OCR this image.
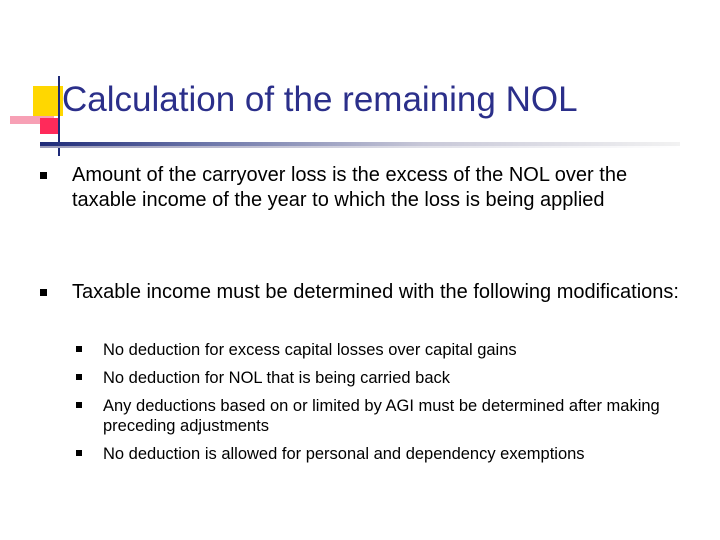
Calculation of the remaining NOL
Amount of the carryover loss is the excess of the NOL over the taxable income of the year to which the loss is being applied
Taxable income must be determined with the following modifications:
No deduction for excess capital losses over capital gains
No deduction for NOL that is being carried back
Any deductions based on or limited by AGI must be determined after making preceding adjustments
No deduction is allowed for personal and dependency exemptions
